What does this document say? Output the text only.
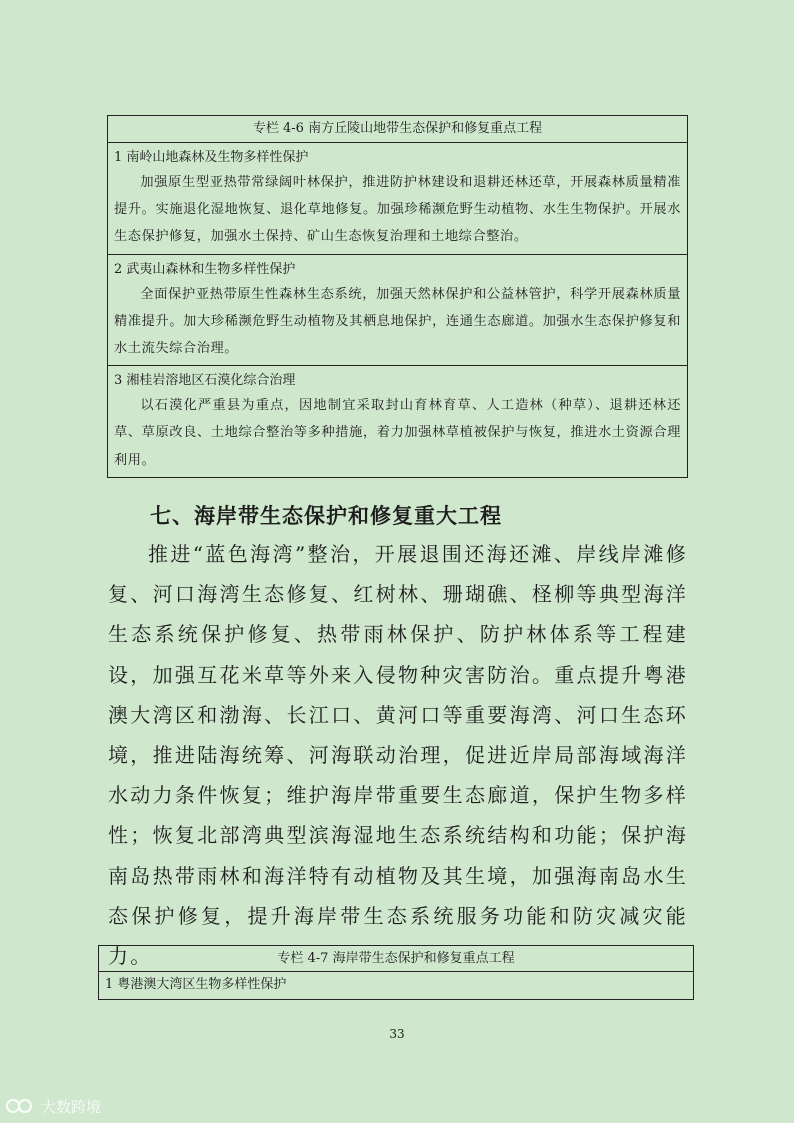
专栏 4-6 南方丘陵山地带生态保护和修复重点工程
1 南岭山地森林及生物多样性保护
加强原生型亚热带常绿阔叶林保护，推进防护林建设和退耕还林还草，开展森林质量精准提升。实施退化湿地恢复、退化草地修复。加强珍稀濒危野生动植物、水生生物保护。开展水生态保护修复，加强水土保持、矿山生态恢复治理和土地综合整治。
2 武夷山森林和生物多样性保护
全面保护亚热带原生性森林生态系统，加强天然林保护和公益林管护，科学开展森林质量精准提升。加大珍稀濒危野生动植物及其栖息地保护，连通生态廊道。加强水生态保护修复和水土流失综合治理。
3 湘桂岩溶地区石漠化综合治理
以石漠化严重县为重点，因地制宜采取封山育林育草、人工造林（种草）、退耕还林还草、草原改良、土地综合整治等多种措施，着力加强林草植被保护与恢复，推进水土资源合理利用。
七、海岸带生态保护和修复重大工程
推进“蓝色海湾”整治，开展退围还海还滩、岸线岸滩修复、河口海湾生态修复、红树林、珊瑚礁、柽柳等典型海洋生态系统保护修复、热带雨林保护、防护林体系等工程建设，加强互花米草等外来入侵物种灾害防治。重点提升粤港澳大湾区和渤海、长江口、黄河口等重要海湾、河口生态环境，推进陆海统筹、河海联动治理，促进近岸局部海域海洋水动力条件恢复；维护海岸带重要生态廊道，保护生物多样性；恢复北部湾典型滨海湿地生态系统结构和功能；保护海南岛热带雨林和海洋特有动植物及其生境，加强海南岛水生态保护修复，提升海岸带生态系统服务功能和防灾减灾能力。	专栏 4-7 海岸带生态保护和修复重点工程
1 粤港澳大湾区生物多样性保护
33
大数跨境
